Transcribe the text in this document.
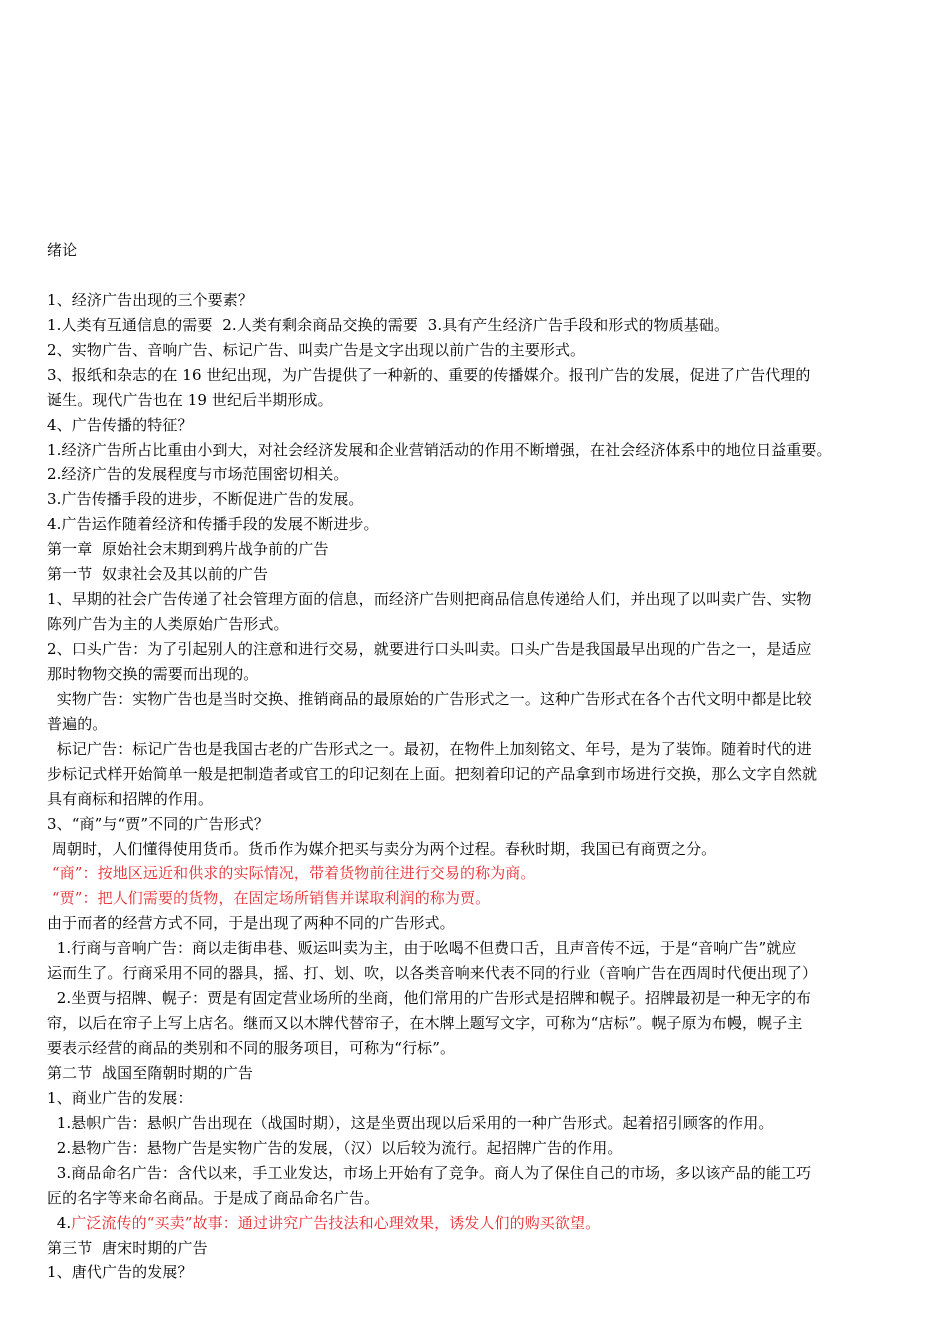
绪论
1、经济广告出现的三个要素？
1.人类有互通信息的需要  2.人类有剩余商品交换的需要  3.具有产生经济广告手段和形式的物质基础。
2、实物广告、音响广告、标记广告、叫卖广告是文字出现以前广告的主要形式。
3、报纸和杂志的在 16 世纪出现，为广告提供了一种新的、重要的传播媒介。报刊广告的发展，促进了广告代理的
诞生。现代广告也在 19 世纪后半期形成。
4、广告传播的特征？
1.经济广告所占比重由小到大，对社会经济发展和企业营销活动的作用不断增强，在社会经济体系中的地位日益重要。
2.经济广告的发展程度与市场范围密切相关。
3.广告传播手段的进步，不断促进广告的发展。
4.广告运作随着经济和传播手段的发展不断进步。
第一章  原始社会末期到鸦片战争前的广告
第一节  奴隶社会及其以前的广告
1、早期的社会广告传递了社会管理方面的信息，而经济广告则把商品信息传递给人们，并出现了以叫卖广告、实物
陈列广告为主的人类原始广告形式。
2、口头广告：为了引起别人的注意和进行交易，就要进行口头叫卖。口头广告是我国最早出现的广告之一，是适应
那时物物交换的需要而出现的。
实物广告：实物广告也是当时交换、推销商品的最原始的广告形式之一。这种广告形式在各个古代文明中都是比较
普遍的。
标记广告：标记广告也是我国古老的广告形式之一。最初，在物件上加刻铭文、年号，是为了装饰。随着时代的进
步标记式样开始简单一般是把制造者或官工的印记刻在上面。把刻着印记的产品拿到市场进行交换，那么文字自然就
具有商标和招牌的作用。
3、“商”与“贾”不同的广告形式？
周朝时，人们懂得使用货币。货币作为媒介把买与卖分为两个过程。春秋时期，我国已有商贾之分。
“商”：按地区远近和供求的实际情况，带着货物前往进行交易的称为商。
“贾”：把人们需要的货物，在固定场所销售并谋取利润的称为贾。
由于而者的经营方式不同，于是出现了两种不同的广告形式。
1.行商与音响广告：商以走街串巷、贩运叫卖为主，由于吆喝不但费口舌，且声音传不远，于是“音响广告”就应
运而生了。行商采用不同的器具，摇、打、划、吹，以各类音响来代表不同的行业（音响广告在西周时代便出现了）
2.坐贾与招牌、幌子：贾是有固定营业场所的坐商，他们常用的广告形式是招牌和幌子。招牌最初是一种无字的布
帘，以后在帘子上写上店名。继而又以木牌代替帘子，在木牌上题写文字，可称为“店标”。幌子原为布幔，幌子主
要表示经营的商品的类别和不同的服务项目，可称为“行标”。
第二节  战国至隋朝时期的广告
1、商业广告的发展：
1.悬帜广告：悬帜广告出现在（战国时期），这是坐贾出现以后采用的一种广告形式。起着招引顾客的作用。
2.悬物广告：悬物广告是实物广告的发展，（汉）以后较为流行。起招牌广告的作用。
3.商品命名广告：含代以来，手工业发达，市场上开始有了竞争。商人为了保住自己的市场，多以该产品的能工巧
匠的名字等来命名商品。于是成了商品命名广告。
4.广泛流传的“买卖”故事：通过讲究广告技法和心理效果，诱发人们的购买欲望。
第三节  唐宋时期的广告
1、唐代广告的发展？
